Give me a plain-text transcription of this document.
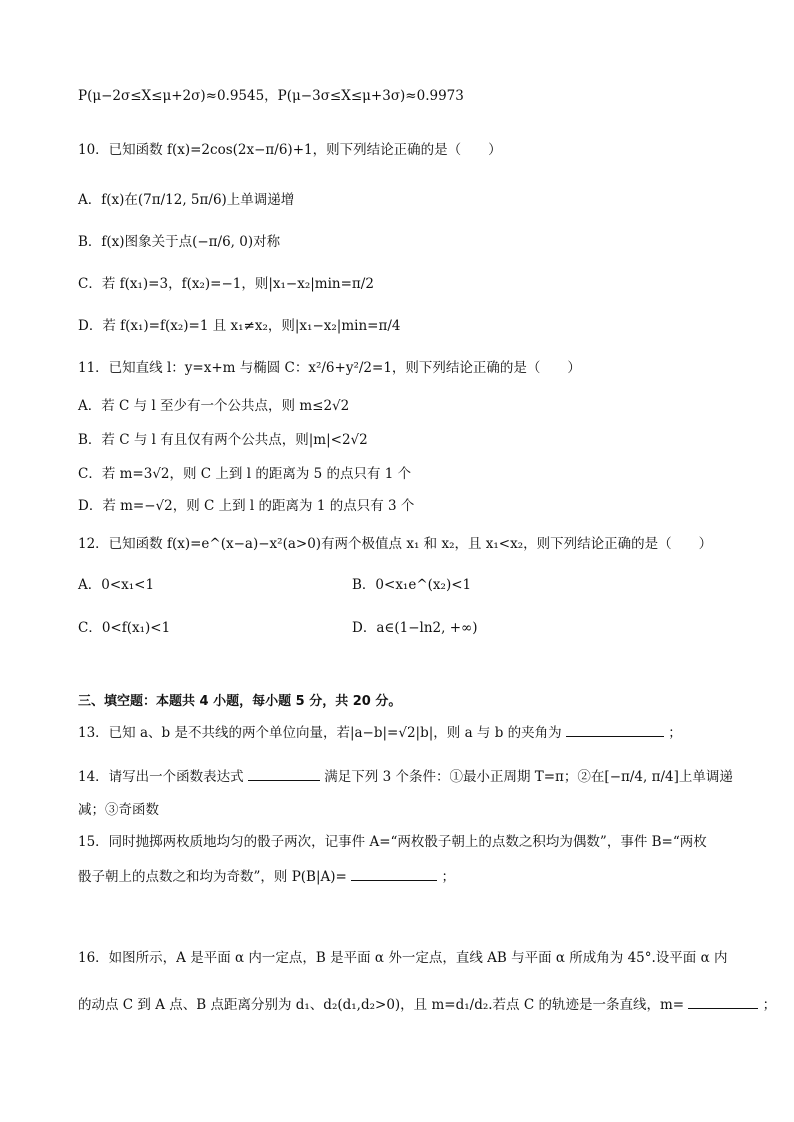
P(μ−2σ≤X≤μ+2σ)≈0.9545，P(μ−3σ≤X≤μ+3σ)≈0.9973
10．已知函数 f(x)=2cos(2x−π/6)+1，则下列结论正确的是（　　）
A．f(x)在(7π/12, 5π/6)上单调递增
B．f(x)图象关于点(−π/6, 0)对称
C．若 f(x₁)=3，f(x₂)=−1，则|x₁−x₂|min=π/2
D．若 f(x₁)=f(x₂)=1 且 x₁≠x₂，则|x₁−x₂|min=π/4
11．已知直线 l：y=x+m 与椭圆 C：x²/6+y²/2=1，则下列结论正确的是（　　）
A．若 C 与 l 至少有一个公共点，则 m≤2√2
B．若 C 与 l 有且仅有两个公共点，则|m|<2√2
C．若 m=3√2，则 C 上到 l 的距离为 5 的点只有 1 个
D．若 m=−√2，则 C 上到 l 的距离为 1 的点只有 3 个
12．已知函数 f(x)=e^(x−a)−x²(a>0)有两个极值点 x₁ 和 x₂，且 x₁<x₂，则下列结论正确的是（　　）
A．0<x₁<1	B．0<x₁e^(x₂)<1
C．0<f(x₁)<1	D．a∈(1−ln2, +∞)
三、填空题：本题共 4 小题，每小题 5 分，共 20 分。
13．已知 a、b 是不共线的两个单位向量，若|a−b|=√2|b|，则 a 与 b 的夹角为	；
14．请写出一个函数表达式	满足下列 3 个条件：①最小正周期 T=π；②在[−π/4, π/4]上单调递
减；③奇函数
15．同时抛掷两枚质地均匀的骰子两次，记事件 A=“两枚骰子朝上的点数之积均为偶数”，事件 B=“两枚
骰子朝上的点数之和均为奇数”，则 P(B|A)=	；
16．如图所示，A 是平面 α 内一定点，B 是平面 α 外一定点，直线 AB 与平面 α 所成角为 45°.设平面 α 内
的动点 C 到 A 点、B 点距离分别为 d₁、d₂(d₁,d₂>0)，且 m=d₁/d₂.若点 C 的轨迹是一条直线，m=	；
